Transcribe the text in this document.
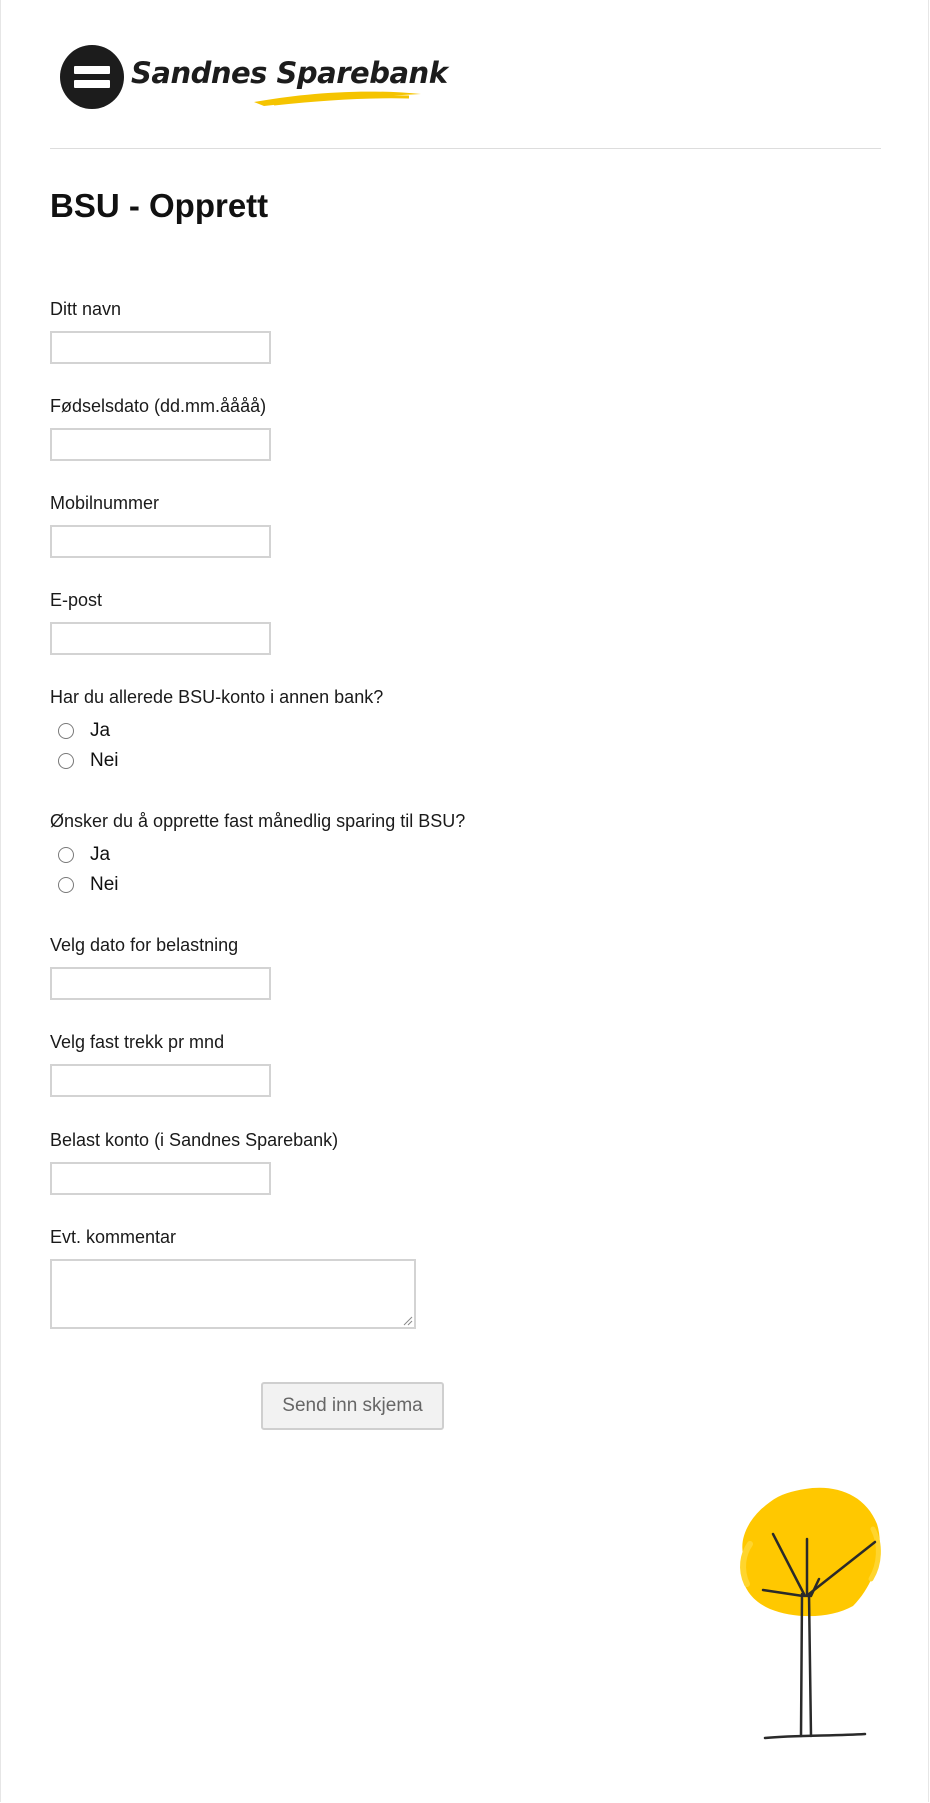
Sandnes Sparebank
BSU - Opprett
Ditt navn
Fødselsdato (dd.mm.åååå)
Mobilnummer
E-post
Har du allerede BSU-konto i annen bank?
Ja
Nei
Ønsker du å opprette fast månedlig sparing til BSU?
Ja
Nei
Velg dato for belastning
Velg fast trekk pr mnd
Belast konto (i Sandnes Sparebank)
Evt. kommentar
Send inn skjema
